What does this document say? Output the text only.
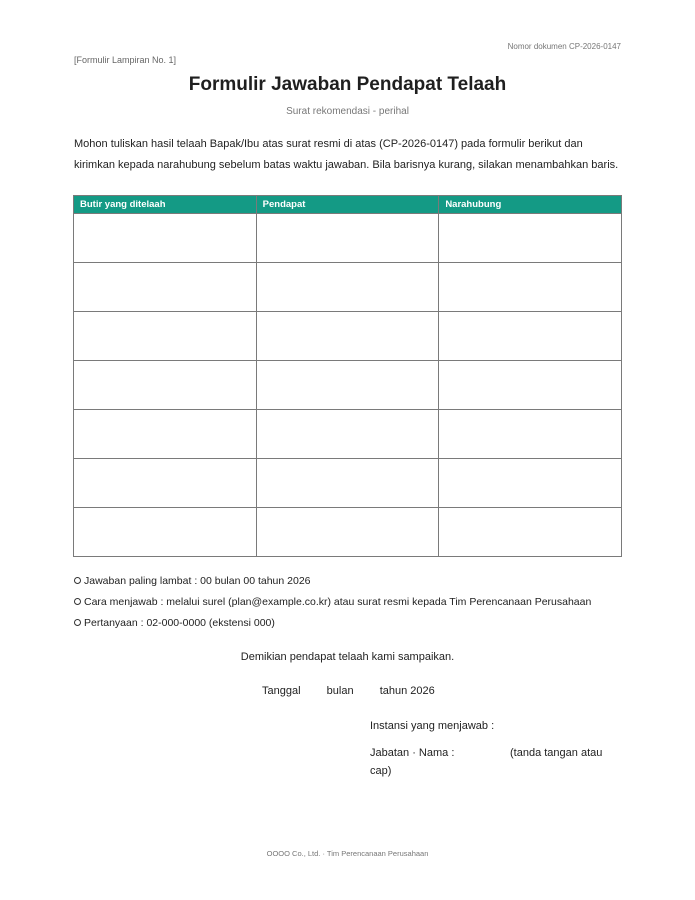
Nomor dokumen CP-2026-0147
[Formulir Lampiran No. 1]
Formulir Jawaban Pendapat Telaah
Surat rekomendasi - perihal
Mohon tuliskan hasil telaah Bapak/Ibu atas surat resmi di atas (CP-2026-0147) pada formulir berikut dan
kirimkan kepada narahubung sebelum batas waktu jawaban. Bila barisnya kurang, silakan menambahkan baris.
Butir yang ditelaah	Pendapat	Narahubung

Jawaban paling lambat : 00 bulan 00 tahun 2026
Cara menjawab : melalui surel (plan@example.co.kr) atau surat resmi kepada Tim Perencanaan Perusahaan
Pertanyaan : 02-000-0000 (ekstensi 000)
Demikian pendapat telaah kami sampaikan.
Tanggal bulan tahun 2026
Instansi yang menjawab :
Jabatan · Nama :	(tanda tangan atau
cap)
OOOO Co., Ltd. · Tim Perencanaan Perusahaan
